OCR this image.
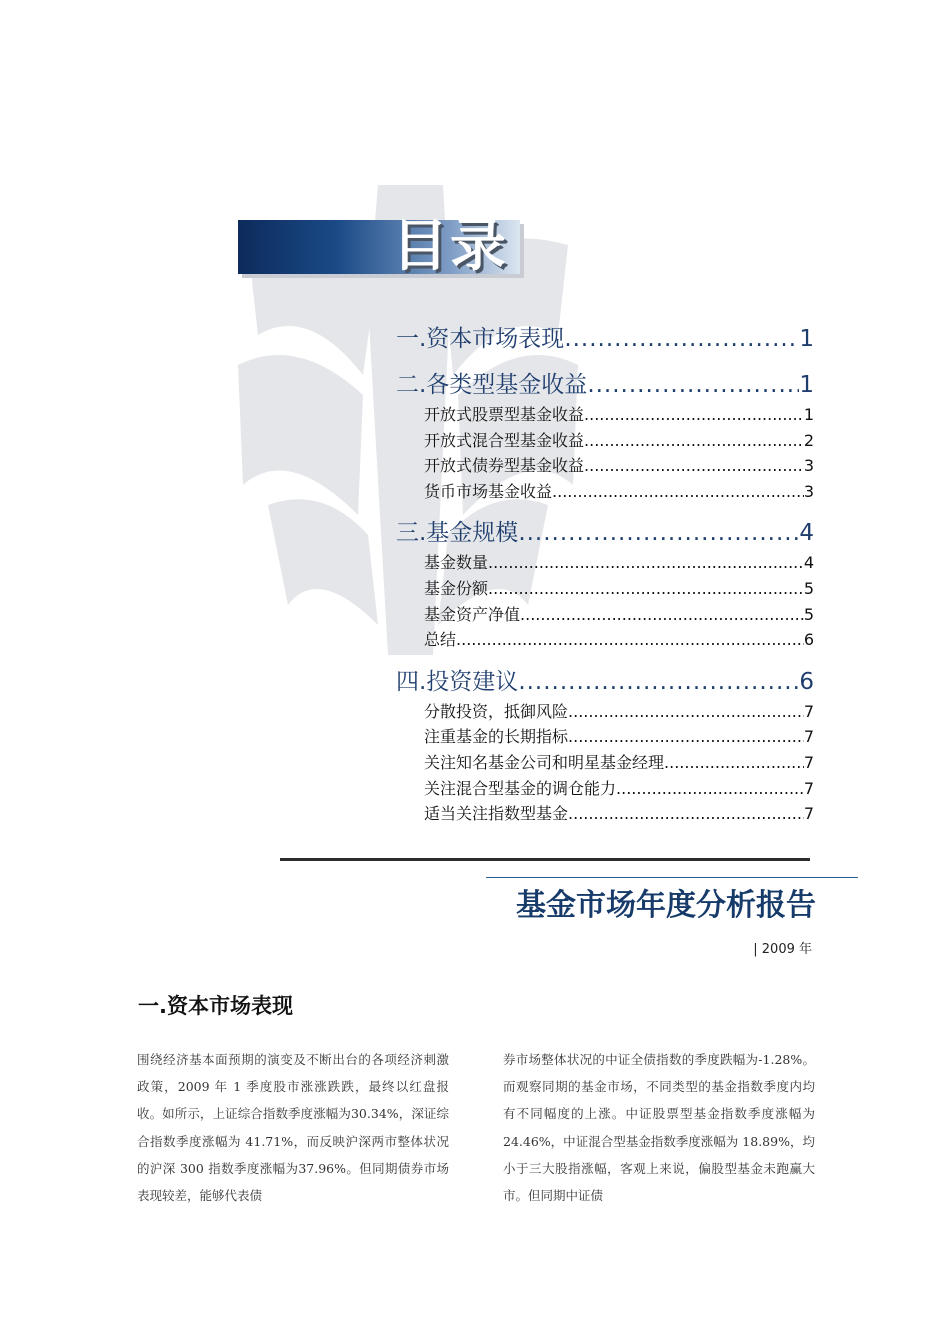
目录
一.资本市场表现 .....	1
二.各类型基金收益 .....	1
开放式股票型基金收益 .....	1
开放式混合型基金收益 .....	2
开放式债券型基金收益 .....	3
货币市场基金收益 .....	3
三.基金规模 .....	4
基金数量 .....	4
基金份额 .....	5
基金资产净值 .....	5
总结 .....	6
四.投资建议 .....	6
分散投资，抵御风险 .....	7
注重基金的长期指标 .....	7
关注知名基金公司和明星基金经理 .....	7
关注混合型基金的调仓能力 .....	7
适当关注指数型基金 .....	7
基金市场年度分析报告
| 2009 年
一.资本市场表现
围绕经济基本面预期的演变及不断出台的各项经济刺激政策，2009 年 1 季度股市涨涨跌跌，最终以红盘报收。如所示，上证综合指数季度涨幅为30.34%，深证综合指数季度涨幅为 41.71%，而反映沪深两市整体状况的沪深 300 指数季度涨幅为37.96%。但同期债券市场表现较差，能够代表债
券市场整体状况的中证全债指数的季度跌幅为-1.28%。而观察同期的基金市场，不同类型的基金指数季度内均有不同幅度的上涨。中证股票型基金指数季度涨幅为 24.46%，中证混合型基金指数季度涨幅为 18.89%，均小于三大股指涨幅，客观上来说，偏股型基金未跑赢大市。但同期中证债
